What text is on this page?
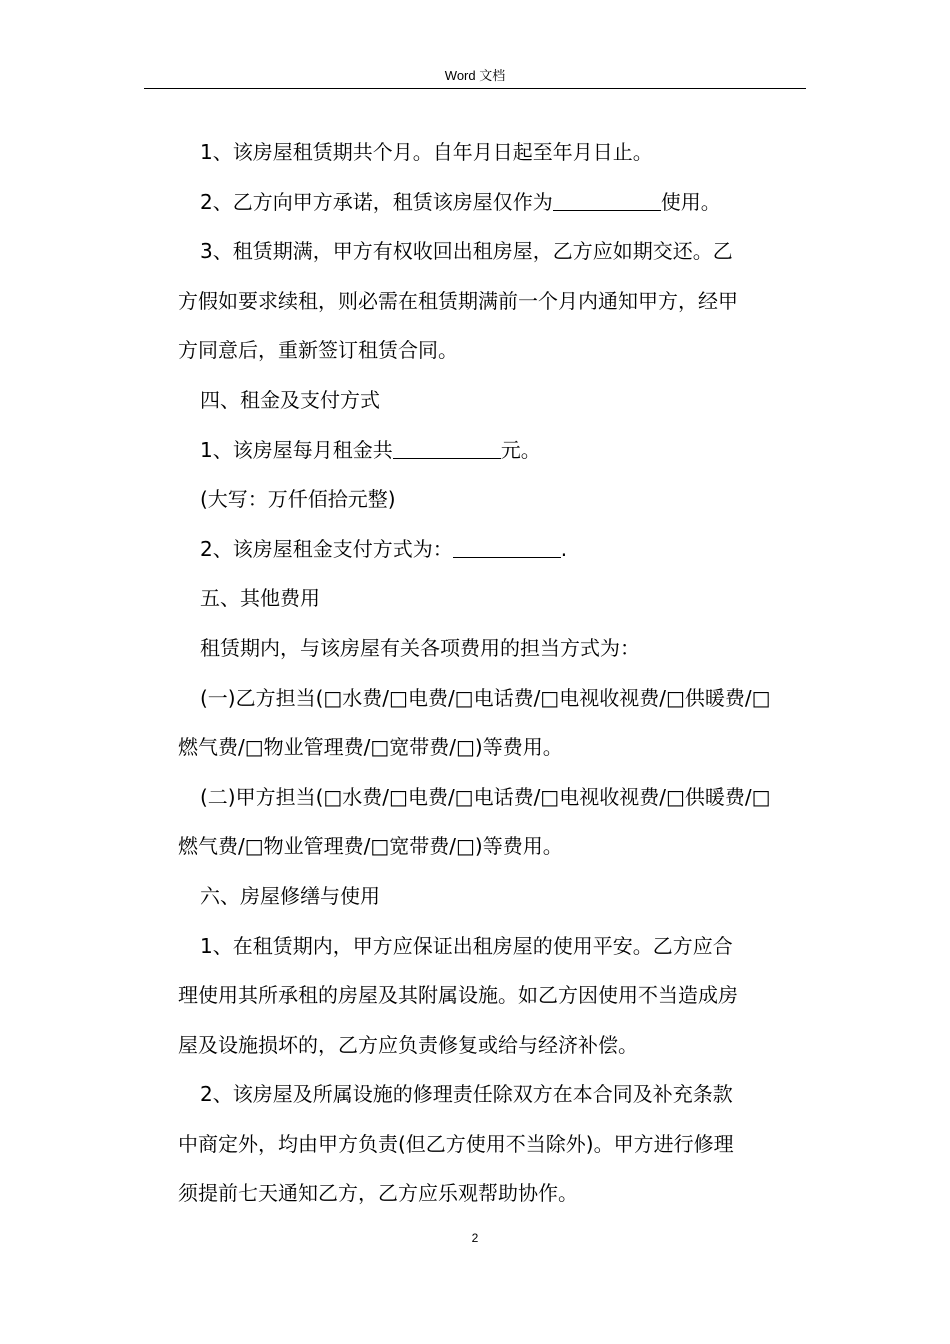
Word 文档

1、该房屋租赁期共个月。自年月日起至年月日止。

2、乙方向甲方承诺，租赁该房屋仅作为	使用。

3、租赁期满，甲方有权收回出租房屋，乙方应如期交还。乙

方假如要求续租，则必需在租赁期满前一个月内通知甲方，经甲

方同意后，重新签订租赁合同。

四、租金及支付方式

1、该房屋每月租金共	元。

(大写：万仟佰拾元整)

2、该房屋租金支付方式为：	.

五、其他费用

租赁期内，与该房屋有关各项费用的担当方式为：

(一)乙方担当(□水费/□电费/□电话费/□电视收视费/□供暖费/□

燃气费/□物业管理费/□宽带费/□)等费用。

(二)甲方担当(□水费/□电费/□电话费/□电视收视费/□供暖费/□

燃气费/□物业管理费/□宽带费/□)等费用。

六、房屋修缮与使用

1、在租赁期内，甲方应保证出租房屋的使用平安。乙方应合

理使用其所承租的房屋及其附属设施。如乙方因使用不当造成房

屋及设施损坏的，乙方应负责修复或给与经济补偿。

2、该房屋及所属设施的修理责任除双方在本合同及补充条款

中商定外，均由甲方负责(但乙方使用不当除外)。甲方进行修理

须提前七天通知乙方，乙方应乐观帮助协作。

2
